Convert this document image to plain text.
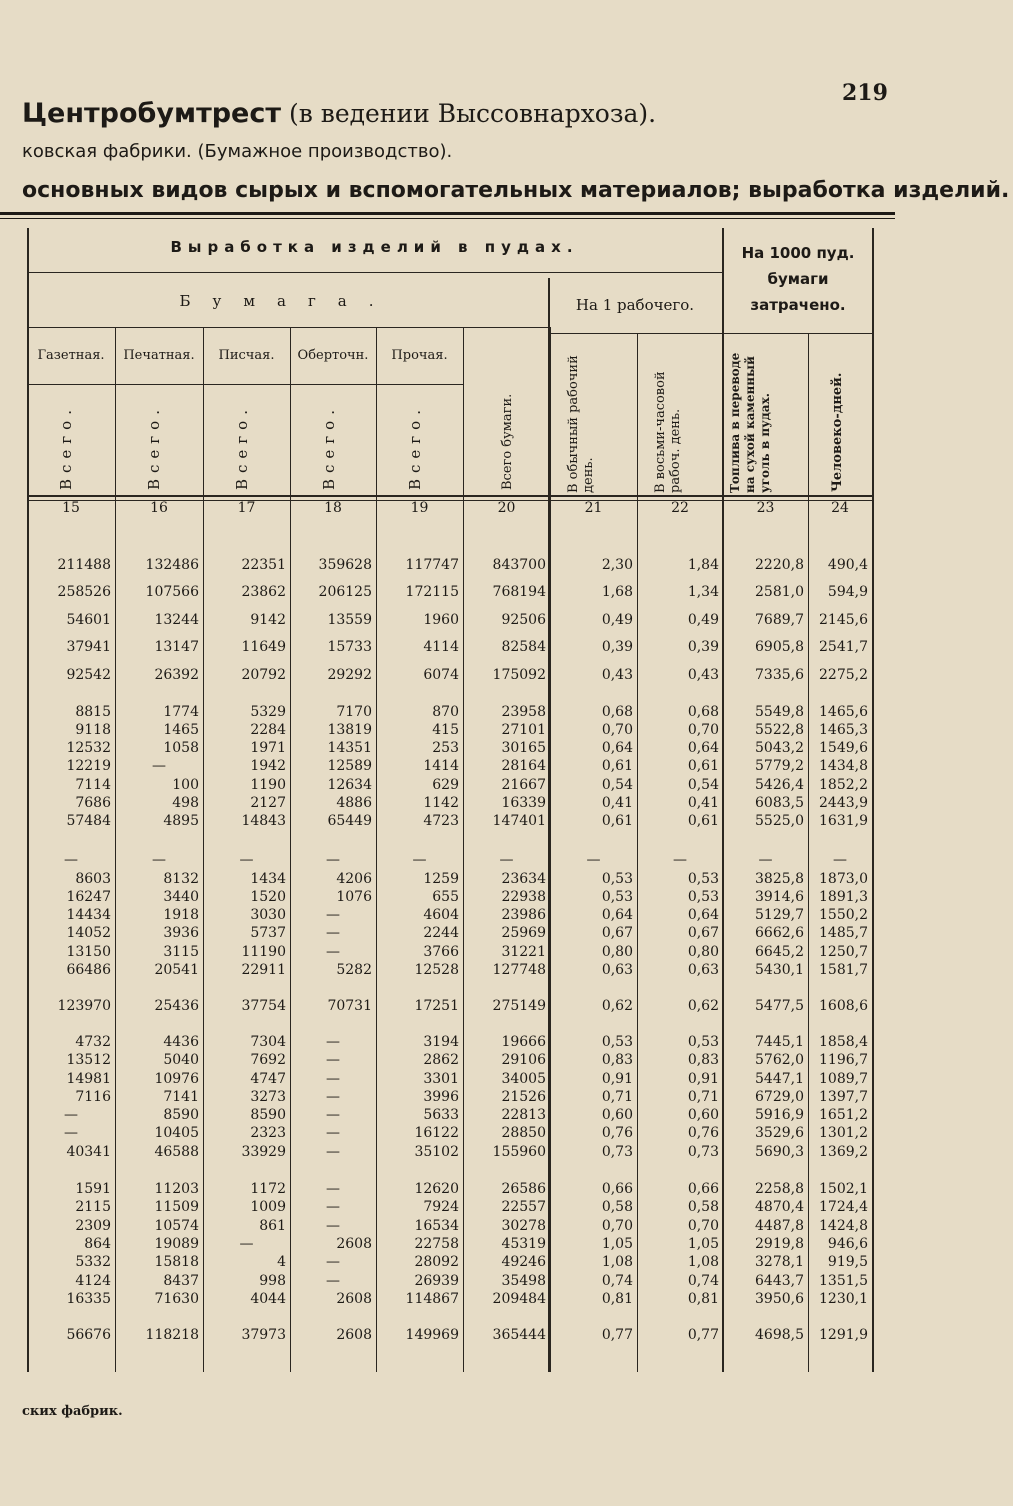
219
Центробумтрест (в ведении Выссовнархоза).
ковская фабрики. (Бумажное производство).
основных видов сырых и вспомогательных материалов; выработка изделий.
Выработка изделий в пудах.
Бумага.	На 1 рабочего.
На 1000 пуд. бумаги затрачено.
Газетная.	Печатная.	Писчая.	Оберточн.	Прочая.
Всего.	Всего.	Всего.	Всего.	Всего.	Всего бумаги.	В обычный рабочий день.	В восьми-часовой рабоч. день.	Топлива в переводе на сухой каменный уголь в пудах.	Человеко-дней.
15	16	17	18	19	20	21	22	23	24
211488	132486	22351	359628	117747	843700	2,30	1,84	2220,8	490,4
258526	107566	23862	206125	172115	768194	1,68	1,34	2581,0	594,9
54601	13244	9142	13559	1960	92506	0,49	0,49	7689,7	2145,6
37941	13147	11649	15733	4114	82584	0,39	0,39	6905,8	2541,7
92542	26392	20792	29292	6074	175092	0,43	0,43	7335,6	2275,2
8815	1774	5329	7170	870	23958	0,68	0,68	5549,8	1465,6
9118	1465	2284	13819	415	27101	0,70	0,70	5522,8	1465,3
12532	1058	1971	14351	253	30165	0,64	0,64	5043,2	1549,6
12219	—	1942	12589	1414	28164	0,61	0,61	5779,2	1434,8
7114	100	1190	12634	629	21667	0,54	0,54	5426,4	1852,2
7686	498	2127	4886	1142	16339	0,41	0,41	6083,5	2443,9
57484	4895	14843	65449	4723	147401	0,61	0,61	5525,0	1631,9
—	—	—	—	—	—	—	—	—	—
8603	8132	1434	4206	1259	23634	0,53	0,53	3825,8	1873,0
16247	3440	1520	1076	655	22938	0,53	0,53	3914,6	1891,3
14434	1918	3030	—	4604	23986	0,64	0,64	5129,7	1550,2
14052	3936	5737	—	2244	25969	0,67	0,67	6662,6	1485,7
13150	3115	11190	—	3766	31221	0,80	0,80	6645,2	1250,7
66486	20541	22911	5282	12528	127748	0,63	0,63	5430,1	1581,7
123970	25436	37754	70731	17251	275149	0,62	0,62	5477,5	1608,6
4732	4436	7304	—	3194	19666	0,53	0,53	7445,1	1858,4
13512	5040	7692	—	2862	29106	0,83	0,83	5762,0	1196,7
14981	10976	4747	—	3301	34005	0,91	0,91	5447,1	1089,7
7116	7141	3273	—	3996	21526	0,71	0,71	6729,0	1397,7
—	8590	8590	—	5633	22813	0,60	0,60	5916,9	1651,2
—	10405	2323	—	16122	28850	0,76	0,76	3529,6	1301,2
40341	46588	33929	—	35102	155960	0,73	0,73	5690,3	1369,2
1591	11203	1172	—	12620	26586	0,66	0,66	2258,8	1502,1
2115	11509	1009	—	7924	22557	0,58	0,58	4870,4	1724,4
2309	10574	861	—	16534	30278	0,70	0,70	4487,8	1424,8
864	19089	—	2608	22758	45319	1,05	1,05	2919,8	946,6
5332	15818	4	—	28092	49246	1,08	1,08	3278,1	919,5
4124	8437	998	—	26939	35498	0,74	0,74	6443,7	1351,5
16335	71630	4044	2608	114867	209484	0,81	0,81	3950,6	1230,1
56676	118218	37973	2608	149969	365444	0,77	0,77	4698,5	1291,9
ских фабрик.
